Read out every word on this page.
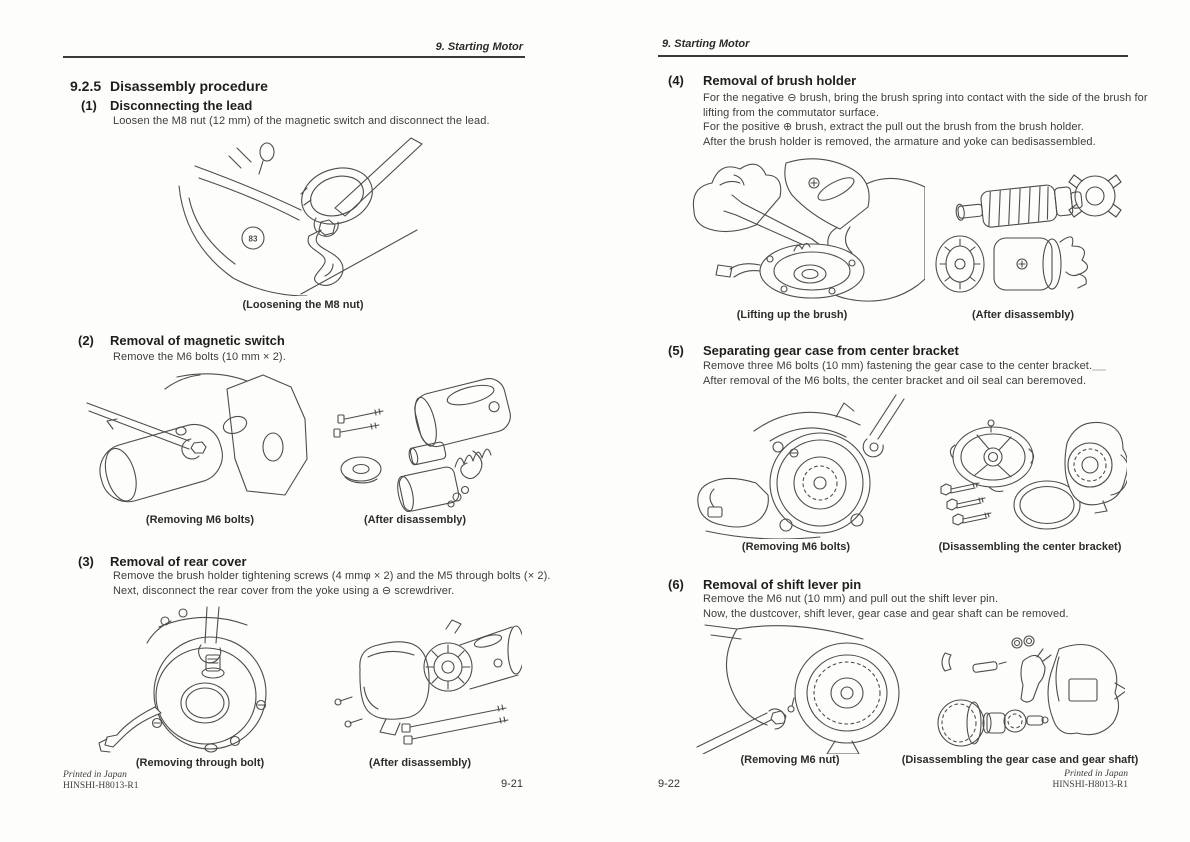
9. Starting Motor
9.2.5 Disassembly procedure
(1) Disconnecting the lead
Loosen the M8 nut (12 mm) of the magnetic switch and disconnect the lead.
83
(Loosening the M8 nut)
(2) Removal of magnetic switch
Remove the M6 bolts (10 mm × 2).
(Removing M6 bolts)	(After disassembly)
(3) Removal of rear cover
Remove the brush holder tightening screws (4 mmφ × 2) and the M5 through bolts (× 2).
Next, disconnect the rear cover from the yoke using a ⊖ screwdriver.
(Removing through bolt)	(After disassembly)
Printed in Japan
HINSHI-H8013-R1	9-21
9. Starting Motor
(4) Removal of brush holder
For the negative ⊖ brush, bring the brush spring into contact with the side of the brush for
lifting from the commutator surface.
For the positive ⊕ brush, extract the pull out the brush from the brush holder.
After the brush holder is removed, the armature and yoke can bedisassembled.
(Lifting up the brush)	(After disassembly)
(5) Separating gear case from center bracket
Remove three M6 bolts (10 mm) fastening the gear case to the center bracket.
After removal of the M6 bolts, the center bracket and oil seal can beremoved.
(Removing M6 bolts)	(Disassembling the center bracket)
(6) Removal of shift lever pin
Remove the M6 nut (10 mm) and pull out the shift lever pin.
Now, the dustcover, shift lever, gear case and gear shaft can be removed.
(Removing M6 nut)	(Disassembling the gear case and gear shaft)
9-22
Printed in Japan
HINSHI-H8013-R1
